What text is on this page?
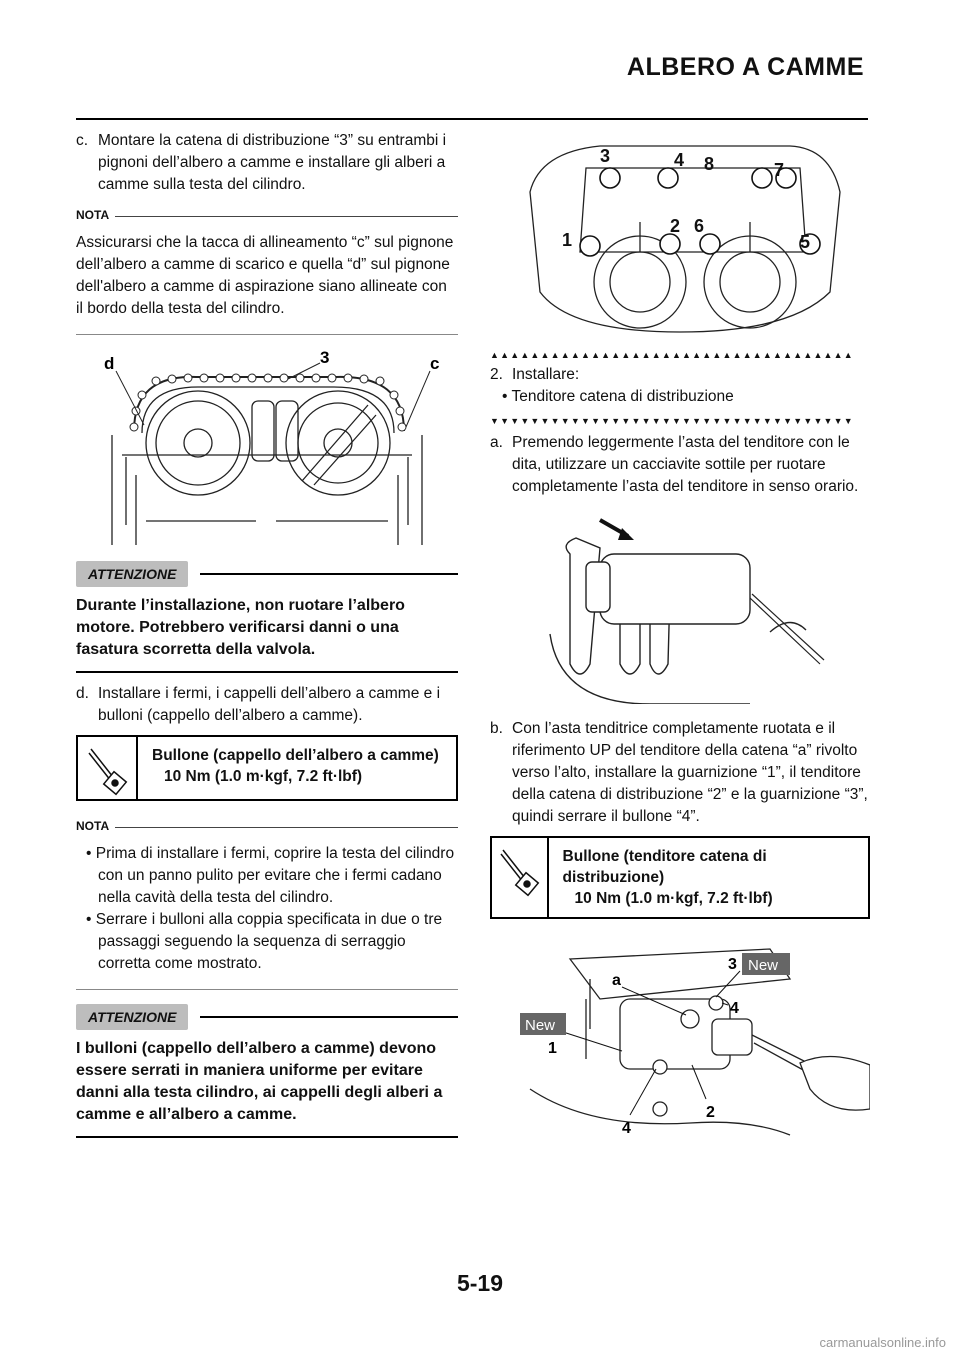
ALBERO A CAMME
c. Montare la catena di distribuzione “3” su entrambi i pignoni dell’albero a camme e installare gli alberi a camme sulla testa del cilindro.
NOTA
Assicurarsi che la tacca di allineamento “c” sul pignone dell’albero a camme di scarico e quella “d” sul pignone dell'albero a camme di aspirazione siano allineate con il bordo della testa del cilindro.
d	3	c
ATTENZIONE
Durante l’installazione, non ruotare l’albero motore. Potrebbero verificarsi danni o una fasatura scorretta della valvola.
d. Installare i fermi, i cappelli dell’albero a camme e i bulloni (cappello dell’albero a camme).
Bullone (cappello dell’albero a camme)
10 Nm (1.0 m·kgf, 7.2 ft·lbf)
NOTA
• Prima di installare i fermi, coprire la testa del cilindro con un panno pulito per evitare che i fermi cadano nella cavità della testa del cilindro.
• Serrare i bulloni alla coppia specificata in due o tre passaggi seguendo la sequenza di serraggio corretta come mostrato.
ATTENZIONE
I bulloni (cappello dell’albero a camme) devono essere serrati in maniera uniforme per evitare danni alla testa cilindro, ai cappelli degli alberi a camme e all’albero a camme.
1
2
3	4
5
6
7
8
▲▲▲▲▲▲▲▲▲▲▲▲▲▲▲▲▲▲▲▲▲▲▲▲▲▲▲▲▲▲▲▲▲▲▲▲
2. Installare:
• Tenditore catena di distribuzione
▼▼▼▼▼▼▼▼▼▼▼▼▼▼▼▼▼▼▼▼▼▼▼▼▼▼▼▼▼▼▼▼▼▼▼▼
a. Premendo leggermente l’asta del tenditore con le dita, utilizzare un cacciavite sottile per ruotare completamente l’asta del tenditore in senso orario.
b. Con l’asta tenditrice completamente ruotata e il riferimento UP del tenditore della catena “a” rivolto verso l’alto, installare la guarnizione “1”, il tenditore della catena di distribuzione “2” e la guarnizione “3”, quindi serrare il bullone “4”.
Bullone (tenditore catena di distribuzione)
10 Nm (1.0 m·kgf, 7.2 ft·lbf)
3 New
a
4
New
1
4
2
5-19
carmanualsonline.info
